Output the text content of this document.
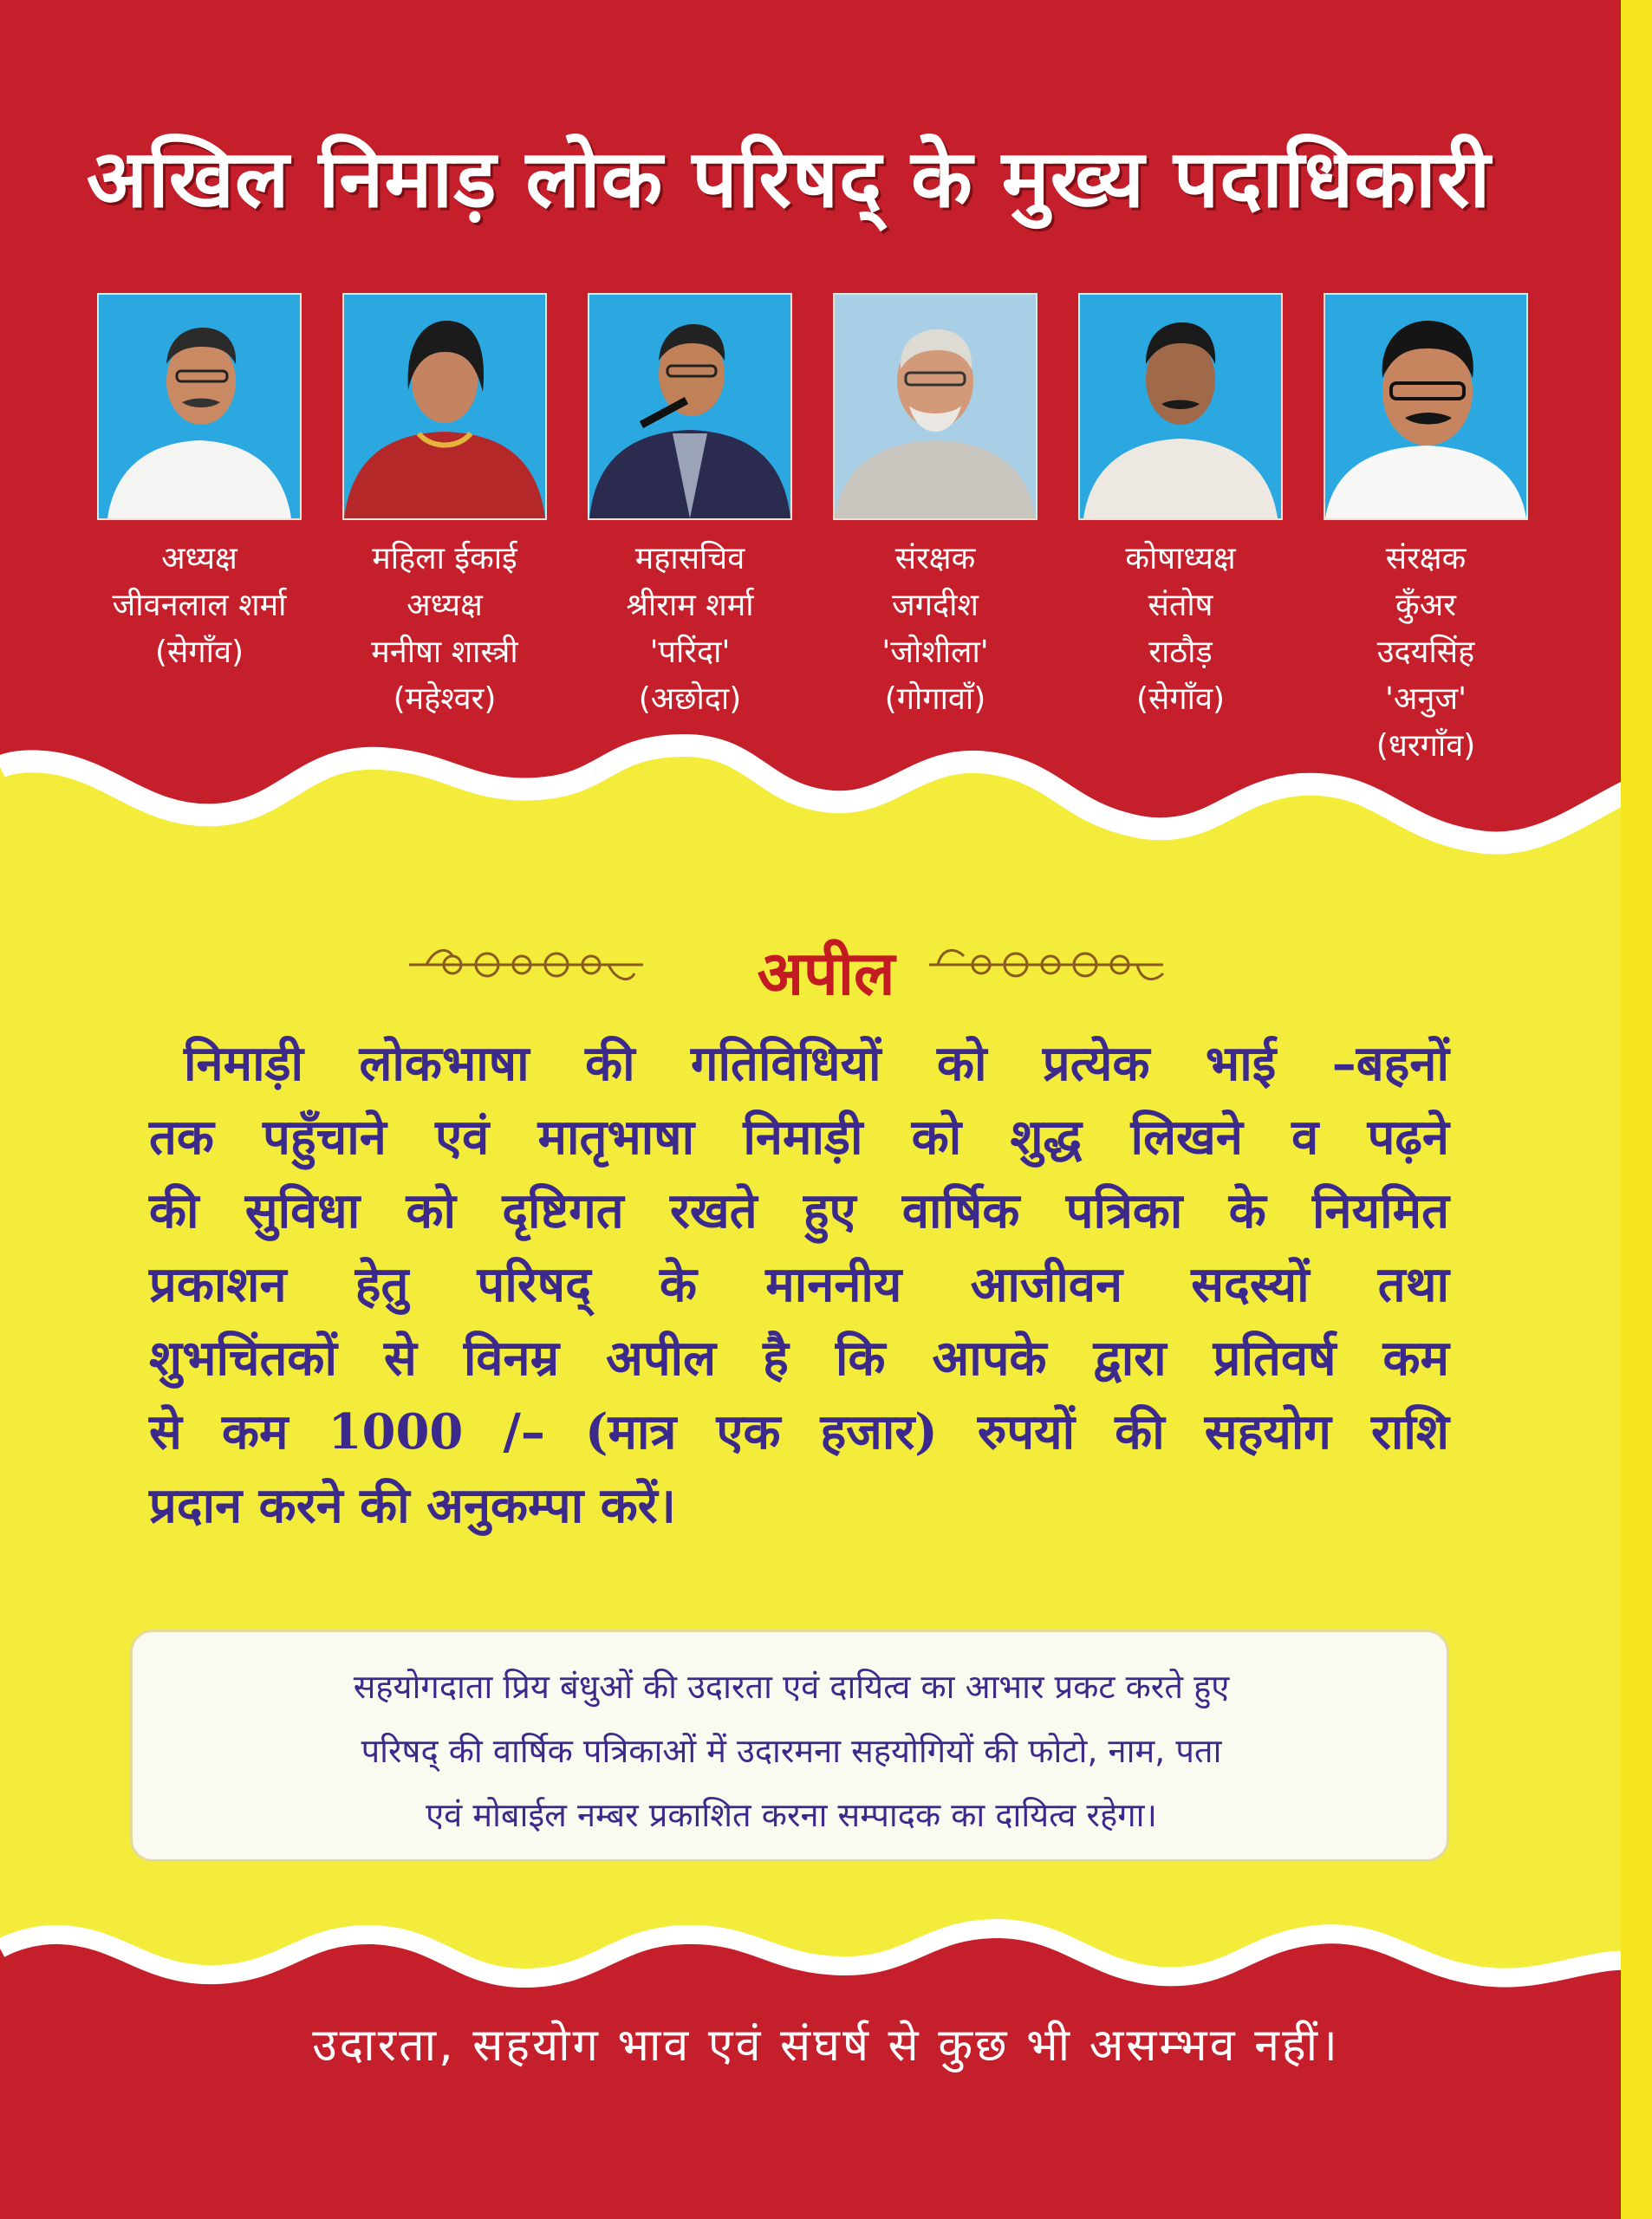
अखिल निमाड़ लोक परिषद् के मुख्य पदाधिकारी
अध्यक्ष
जीवनलाल शर्मा
(सेगाँव)
महिला ईकाई
अध्यक्ष
मनीषा शास्त्री
(महेश्वर)
महासचिव
श्रीराम शर्मा
'परिंदा'
(अछोदा)
संरक्षक
जगदीश
'जोशीला'
(गोगावाँ)
कोषाध्यक्ष
संतोष
राठौड़
(सेगाँव)
संरक्षक
कुँअर
उदयसिंह
'अनुज'
(धरगाँव)
अपील
निमाड़ी लोकभाषा की गतिविधियों को प्रत्येक भाई –बहनों
तक पहुँचाने एवं मातृभाषा निमाड़ी को शुद्ध लिखने व पढ़ने
की सुविधा को दृष्टिगत रखते हुए वार्षिक पत्रिका के नियमित
प्रकाशन हेतु परिषद् के माननीय आजीवन सदस्यों तथा
शुभचिंतकों से विनम्र अपील है कि आपके द्वारा प्रतिवर्ष कम
से कम 1000 /– (मात्र एक हजार) रुपयों की सहयोग राशि
प्रदान करने की अनुकम्पा करें।
सहयोगदाता प्रिय बंधुओं की उदारता एवं दायित्व का आभार प्रकट करते हुए
परिषद् की वार्षिक पत्रिकाओं में उदारमना सहयोगियों की फोटो, नाम, पता
एवं मोबाईल नम्बर प्रकाशित करना सम्पादक का दायित्व रहेगा।
उदारता, सहयोग भाव एवं संघर्ष से कुछ भी असम्भव नहीं।
